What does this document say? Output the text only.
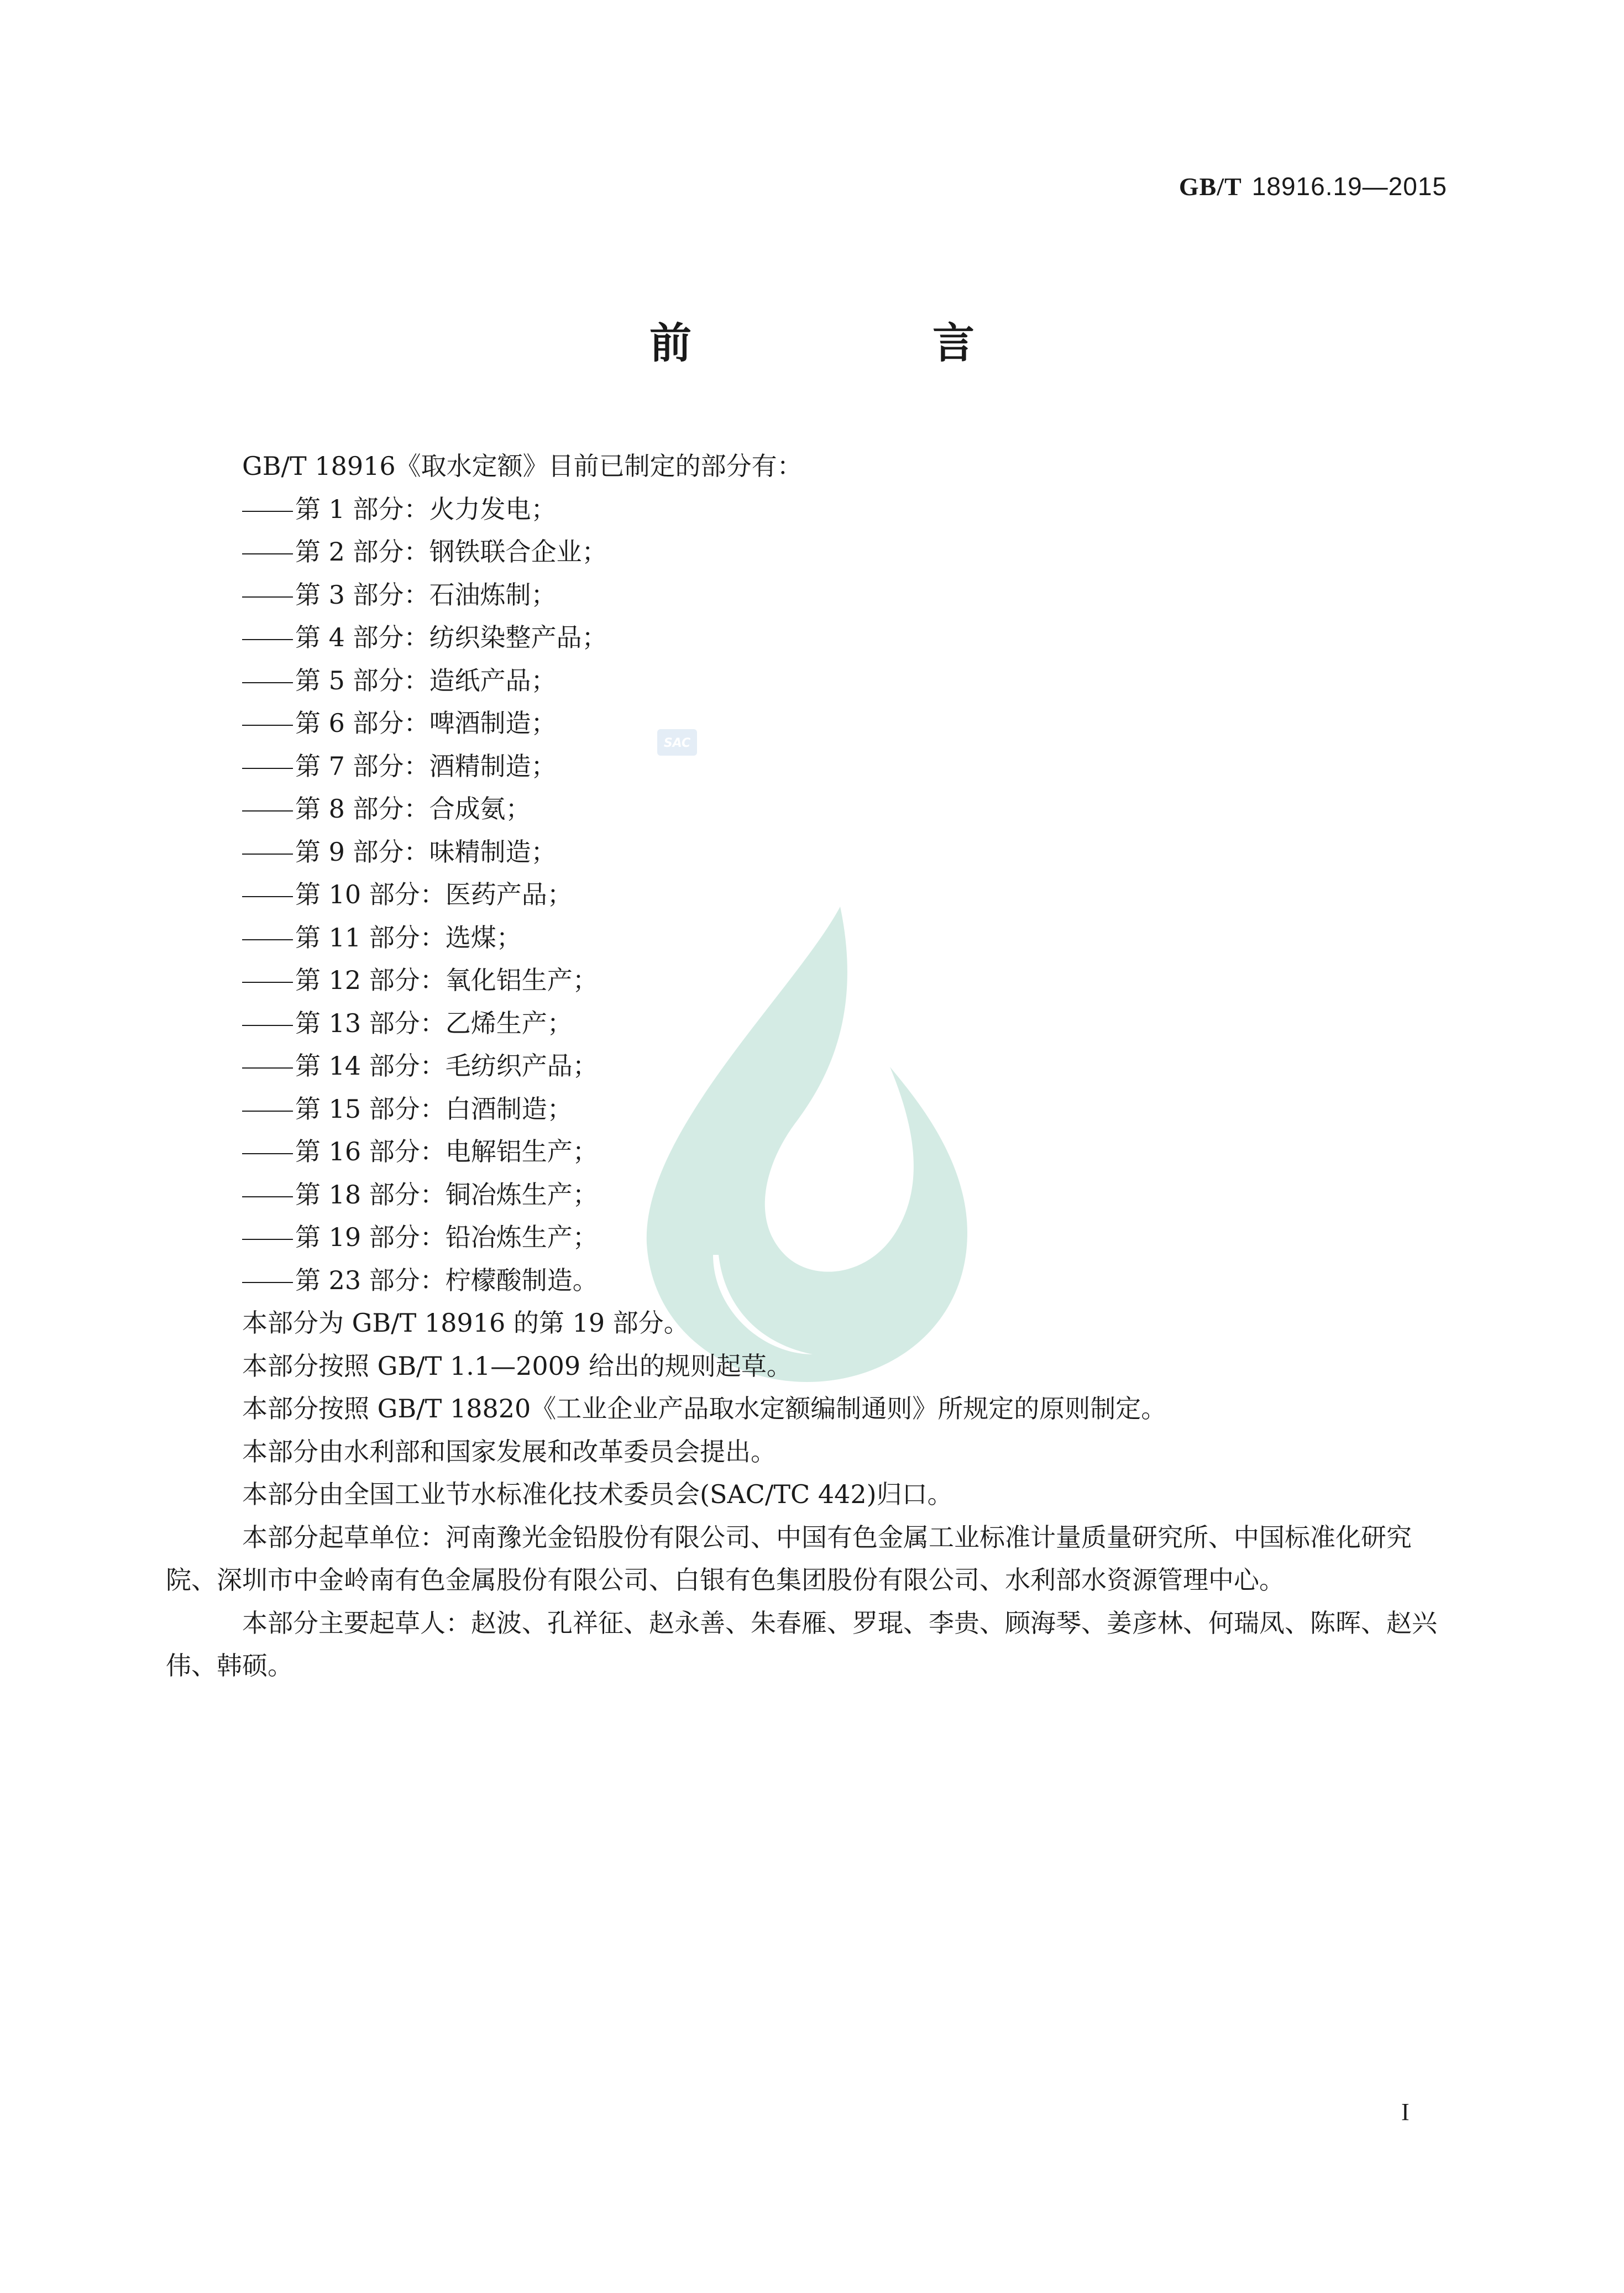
SAC
GB/T 18916.19—2015
前　言

GB/T 18916《取水定额》目前已制定的部分有：

第 1 部分：火力发电；

第 2 部分：钢铁联合企业；

第 3 部分：石油炼制；

第 4 部分：纺织染整产品；

第 5 部分：造纸产品；

第 6 部分：啤酒制造；

第 7 部分：酒精制造；

第 8 部分：合成氨；

第 9 部分：味精制造；

第 10 部分：医药产品；

第 11 部分：选煤；

第 12 部分：氧化铝生产；

第 13 部分：乙烯生产；

第 14 部分：毛纺织产品；

第 15 部分：白酒制造；

第 16 部分：电解铝生产；

第 18 部分：铜冶炼生产；

第 19 部分：铅冶炼生产；

第 23 部分：柠檬酸制造。

本部分为 GB/T 18916 的第 19 部分。

本部分按照 GB/T 1.1—2009 给出的规则起草。

本部分按照 GB/T 18820《工业企业产品取水定额编制通则》所规定的原则制定。

本部分由水利部和国家发展和改革委员会提出。

本部分由全国工业节水标准化技术委员会(SAC/TC 442)归口。

本部分起草单位：河南豫光金铅股份有限公司、中国有色金属工业标准计量质量研究所、中国标准化研究院、深圳市中金岭南有色金属股份有限公司、白银有色集团股份有限公司、水利部水资源管理中心。

本部分主要起草人：赵波、孔祥征、赵永善、朱春雁、罗琨、李贵、顾海琴、姜彦林、何瑞凤、陈晖、赵兴伟、韩硕。

I
